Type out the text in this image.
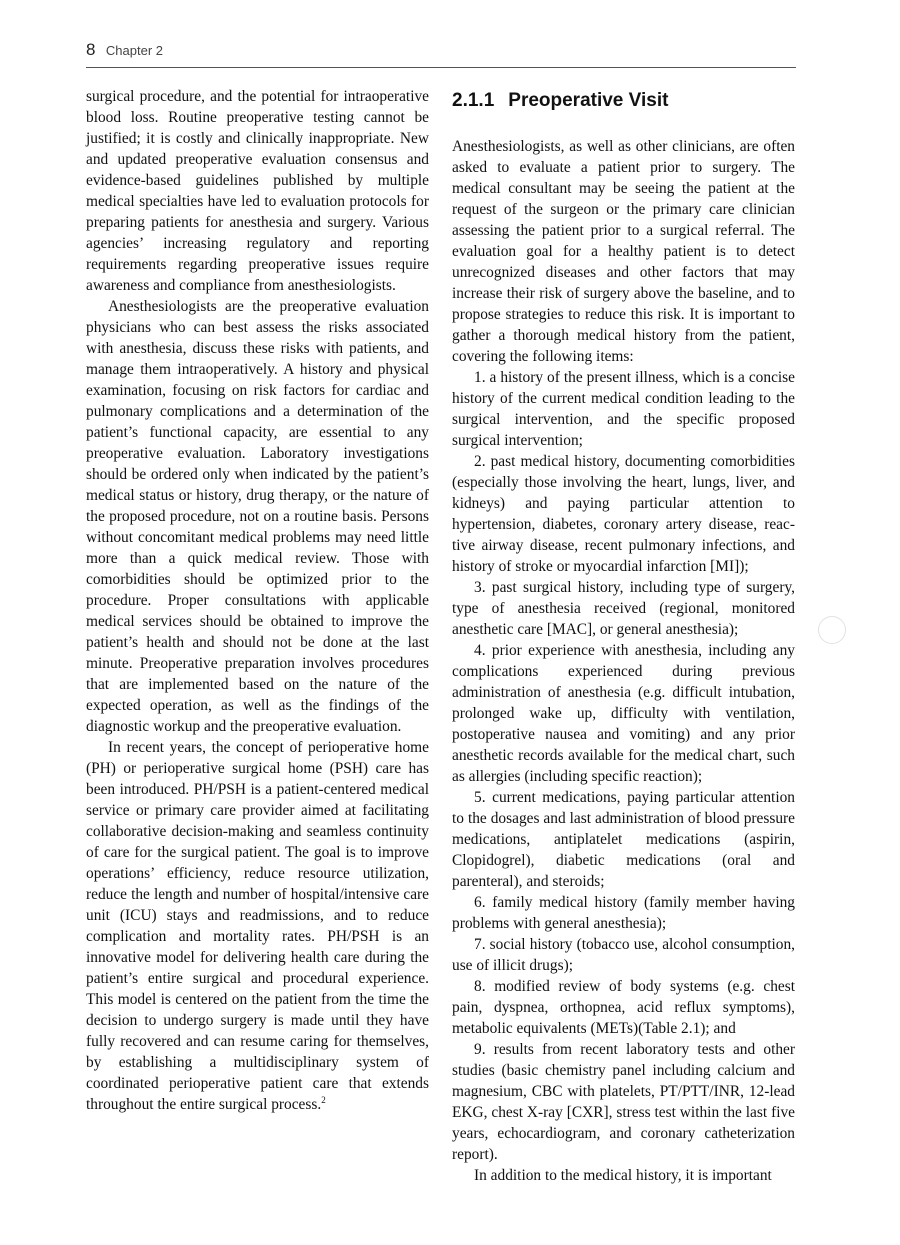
8 Chapter 2

surgical procedure, and the potential for intraoperative blood loss. Routine preoperative testing cannot be justified; it is costly and clinically inappropriate. New and updated preoperative evaluation consensus and evidence-based guidelines published by multiple medical specialties have led to evaluation protocols for preparing patients for anesthesia and surgery. Various agencies’ increasing regulatory and reporting requirements regarding preoperative issues require awareness and compliance from anesthesiologists.

Anesthesiologists are the preoperative evaluation physicians who can best assess the risks associated with anesthesia, discuss these risks with patients, and manage them intraoperatively. A history and physical examination, focusing on risk factors for cardiac and pulmonary complications and a determination of the patient’s functional capacity, are essential to any preoperative evaluation. Laboratory investigations should be ordered only when indicated by the patient’s medical status or history, drug therapy, or the nature of the proposed procedure, not on a routine basis. Persons without concomitant medical problems may need little more than a quick medical review. Those with comorbidities should be optimized prior to the procedure. Proper consultations with applicable medical services should be obtained to improve the patient’s health and should not be done at the last minute. Preoperative preparation involves procedures that are implemented based on the nature of the expected operation, as well as the findings of the diagnostic workup and the preoperative evaluation.

In recent years, the concept of perioperative home (PH) or perioperative surgical home (PSH) care has been introduced. PH/PSH is a patient-centered medical service or primary care provider aimed at facilitating collaborative decision-making and seamless continuity of care for the surgical patient. The goal is to improve operations’ efficiency, reduce resource utilization, reduce the length and number of hospital/intensive care unit (ICU) stays and readmissions, and to reduce complication and mortality rates. PH/PSH is an innovative model for delivering health care during the patient’s entire surgical and procedural experience. This model is centered on the patient from the time the decision to undergo surgery is made until they have fully recovered and can resume caring for themselves, by establishing a multidisciplinary system of coordinated perioperative patient care that extends throughout the entire surgical process.$^2$

2.1.1 Preoperative Visit

Anesthesiologists, as well as other clinicians, are often asked to evaluate a patient prior to surgery. The medical consultant may be seeing the patient at the request of the surgeon or the primary care clinician assessing the patient prior to a surgical referral. The evaluation goal for a healthy patient is to detect unrecognized diseases and other factors that may increase their risk of surgery above the baseline, and to propose strategies to reduce this risk. It is important to gather a thorough medical history from the patient, covering the following items:

1. a history of the present illness, which is a concise history of the current medical condition leading to the surgical intervention, and the specific proposed surgical intervention;

2. past medical history, documenting comorbidities (especially those involving the heart, lungs, liver, and kidneys) and paying particular attention to hypertension, diabetes, coronary artery disease, reactive airway disease, recent pulmonary infections, and history of stroke or myocardial infarction [MI]);

3. past surgical history, including type of surgery, type of anesthesia received (regional, monitored anesthetic care [MAC], or general anesthesia);

4. prior experience with anesthesia, including any complications experienced during previous administration of anesthesia (e.g. difficult intubation, prolonged wake up, difficulty with ventilation, postoperative nausea and vomiting) and any prior anesthetic records available for the medical chart, such as allergies (including specific reaction);

5. current medications, paying particular attention to the dosages and last administration of blood pressure medications, antiplatelet medications (aspirin, Clopidogrel), diabetic medications (oral and parenteral), and steroids;

6. family medical history (family member having problems with general anesthesia);

7. social history (tobacco use, alcohol consumption, use of illicit drugs);

8. modified review of body systems (e.g. chest pain, dyspnea, orthopnea, acid reflux symptoms), metabolic equivalents (METs)(Table 2.1); and

9. results from recent laboratory tests and other studies (basic chemistry panel including calcium and magnesium, CBC with platelets, PT/PTT/INR, 12-lead EKG, chest X-ray [CXR], stress test within the last five years, echocardiogram, and coronary catheterization report).

In addition to the medical history, it is important
